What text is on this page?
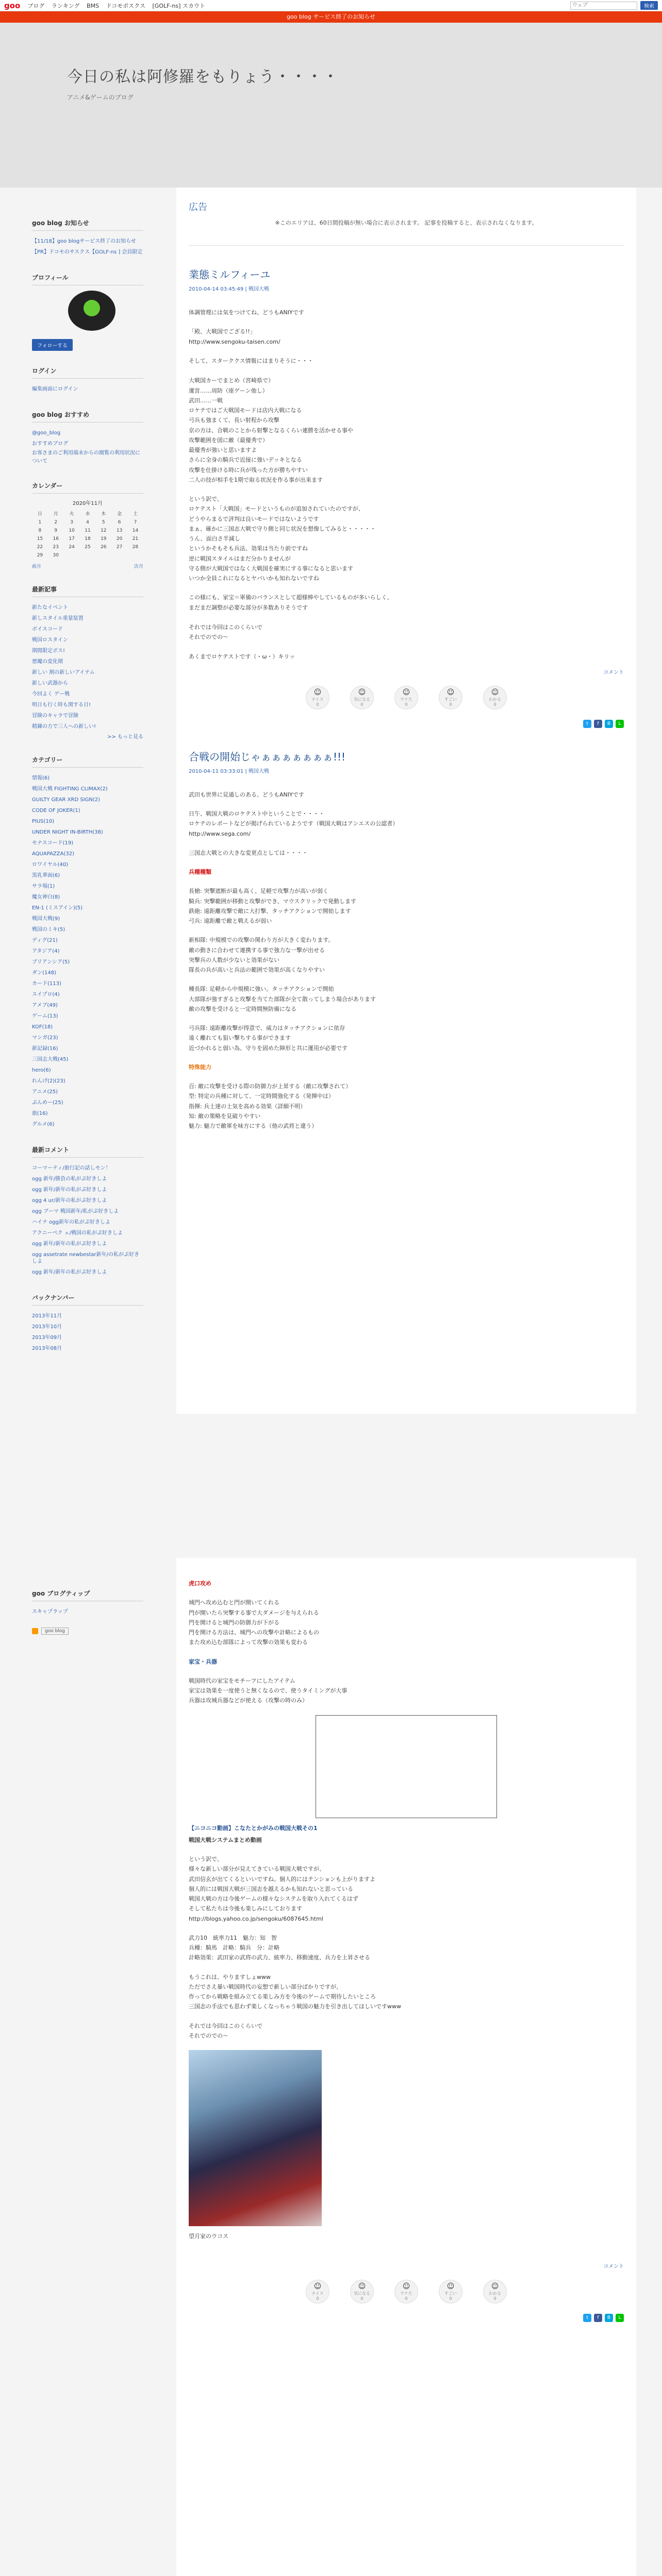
goo ブログ ランキング BMS ドコモポスクス [GOLF-ns] スカウト
ウェブ	検索
goo blog サービス終了のお知らせ
今日の私は阿修羅をもりょう・・・・

アニメ&ゲームのブログ

goo blog お知らせ
【11/18】goo blogサービス終了のお知らせ
【PR】ドコモのサスクス【GOLF-ns ] 会員限定
プロフィール
フォローする
ログイン
編集画面にログイン
goo blog おすすめ
@goo_blog
おすすめブログ

お客さまのご利用端末からの閲覧の利用状況について

カレンダー
2020年11月
日	月	火	水	木	金	土
1	2	3	4	5	6	7
8	9	10	11	12	13	14
15	16	17	18	19	20	21
22	23	24	25	26	27	28
29	30					
前月	次月
最新記事
新たなイベント
新しスタイル重量装置
ボイスコード
戦国ロスタイン
期間限定ボス!
悪魔の変化期
新しい 割の新しいアイテム
新しい武器から
今回よく ゲー戦
明日も行く時も関する日!
冒険のキャラで冒険
精錬の方で三人への新しい!
>> もっと見る
カテゴリー
情報(6)
戦国大戦 FIGHTING CLIMAX(2)
GUILTY GEAR XRD SIGN(2)
CODE OF JOKER(1)
PIUS(10)
UNDER NIGHT IN-BIRTH(38)
モナスコード(19)
AQUAPAZZA(32)
ロワイヤル(40)
黒乳華面(6)
サラ場(1)
魔女神白(8)
EN-1 (ミスアイン)(5)
戦国大戦(9)
戦国のミキ(5)
ディグ(21)
アタジア(4)
ブリアンシア(5)
ダン(148)
カード(113)
スイプロ(4)
アメブ(49)
ゲーム(13)
KOF(18)
マンガ(23)
新記録(16)
三国志大戦(45)
hero(6)
れんげ(2)(23)
アニメ(25)
ぶんめー(25)
旅(16)
グルメ(6)
最新コメント
コーマーティ/旅行記の話しモン！
ogg 新年/勝負の私がぷ好きしよ
ogg 新年/新年の私がぷ好きしよ
ogg 4 ur/新年の私がぷ好きしよ
ogg ブーマ 戦国新年/私がぷ好きしよ
ハイナ ogg新年の私がぷ好きしよ
アクニーベク ェ/戦国の私がぷ好きしよ
ogg 新年/新年の私がぷ好きしよ
ogg assetrate newbestar新年/の私がぷ好きしよ
ogg 新年/新年の私がぷ好きしよ
バックナンバー
2013年11月
2013年10月
2013年09月
2013年08月
goo ブログティップ
スキャプラップ
goo blog
広告

※このエリアは、60日間投稿が無い場合に表示されます。 記事を投稿すると、表示されなくなります。

業態ミルフィーユ
2010-04-14 03:45:49 | 戦国大戦

体調管理には気をつけてね、どうもANIYです

「殿、大戦国でござる!!」
http://www.sengoku-taisen.com/

そして、スターククス情報にはまりそうに・・・

大戦国カーでまとめ（宮崎県で）
運営……周防（座ゲーン他し）
武田……一戦
ロケテではご大戦国モードは店内大戦になる
弓兵も強まくて、長い射程から攻撃
京の方は、合戦のことから射撃となるくらい連勝を活かせる事や
攻撃範囲を図に敵（最優秀で）
最優秀が強いと思いますよ
さらに全身の騎兵で近接に強いデッキとなる
攻撃を仕掛ける時に兵が残った方が勝ちやすい
二人の技が相手を1期で取る状況を作る事が出来ます

という訳で、
ロケテスト「大戦国」モードというものが追加されていたのですが、
どうやらまるで評判は良いモードではないようです
まぁ、確かに三国志大戦で守り側と同じ状況を想像してみると・・・・・
うん、面白さ半減し
というかそもそも兵法、効果は当たり前ですね
逆に戦国スタイルはまだ分かりませんが
守る側が大戦国ではなく大戦国を確実にする事になると思います
いつか全員これになるとヤバいかも知れないですね

この様にも、家宝＝軍備のバランスとして超様棒やしているものが多いらしく、
まだまだ調整が必要な部分が多数ありそうです

それでは今回はこのくらいで
それでのでの～

あくまでロケテストです（・ω・）キリッ

コメント
☺
ナイス
0
☺
気になる
0
☺
ウケた
0
☺
すごい
0
☺
わかる
0
t	f	B	L
合戦の開始じゃぁぁぁぁぁぁぁ!!!
2010-04-11 03:33:01 | 戦国大戦

武田も世界に見通しのある、どうもANIYです

日午、戦国大戦のロケテスト中ということで・・・・
ロケテのレポートなどが掲げられているようです（戦国大戦はアンエスの公認者）
http://www.sega.com/

三国志大戦との大きな変更点としては・・・・

兵種種類

長槍: 突撃遮断が最も高く、足軽で攻撃力が高いが弱く
騎兵: 突撃範囲が移動と攻撃ができ、マウスクリックで発動します
鉄砲: 遠距離攻撃で敵に大打撃、タッチアクションで開始します
弓兵: 遠距離で敵と戦えるが弱い

新相隊: 中規模での攻撃の関わり方が大きく変わります。
敵の動きに合わせて連携する事で強力な一撃が出せる
突撃兵の人数が少ないと効果がない
隊長の兵が高いと兵法の範囲で効果が高くなりやすい

種長隊: 足軽から中規模に強い。タッチアクションで開始
大部隊が強すぎると攻撃を当てた部隊が全て散ってしまう場合があります
敵の攻撃を受けると一定時間無防備になる

弓兵隊: 遠距離攻撃が得意で、威力はタッチアクションに依存
遠く離れても狙い撃ちする事ができます
近づかれると弱い為、守りを固めた陣形と共に運用が必要です

特殊能力

百: 敵に攻撃を受ける際の防御力が上昇する（敵に攻撃されて）
型: 特定の兵種に対して、一定時間強化する（発揮中は）
指揮: 兵士達の士気を高める効果（詳細不明）
知: 敵の策略を見破りやすい
魅力: 魅力で敵軍を味方にする（他の武将と違う）

虎口攻め

城門へ攻め込むと門が開いてくれる
門が開いたら突撃する事で大ダメージを与えられる
門を開けると城門の防御力が下がる
門を開ける方法は、城門への攻撃や計略によるもの
また攻め込む部隊によって攻撃の効果も変わる

家宝・兵器

戦国時代の家宝をモチーフにしたアイテム
家宝は効果を一度使うと無くなるので、使うタイミングが大事
兵器は攻城兵器などが使える（攻撃の時のみ）

【ニコニコ動画】こなたとかがみの戦国大戦その1

戦国大戦システムまとめ動画

という訳で、
様々な新しい部分が見えてきている戦国大戦ですが、
武田信玄が出てくるといいですね。個人的にはテンションも上がりますよ
個人的には戦国大戦が三国志を越えるかも知れないと思っている
戦国大戦の方は今後ゲームの様々なシステムを取り入れてくるはず
そして私たちは今後も楽しみにしております
http://blogs.yahoo.co.jp/sengoku/6087645.html

武力10　統率力11　魅力：知　智
兵種：騎馬　計略：騎兵　分：計略
計略効果：武田家の武将の武力、統率力、移動速度、兵力を上昇させる

もうこれは、やりますしょwww
ただでさえ暴い戦国時代の妄想で新しい部分ばかりですが、
作ってから戦略を組み立てる楽しみ方を今後のゲームで期待したいところ
三国志の手法でも思わず楽しくなっちゃう戦国の魅力を引き出してほしいですwww

それでは今回はこのくらいで
それでのでの～

望月家のウコス

コメント
☺
ナイス
0
☺
気になる
0
☺
ウケた
0
☺
すごい
0
☺
わかる
0
t	f	B	L
